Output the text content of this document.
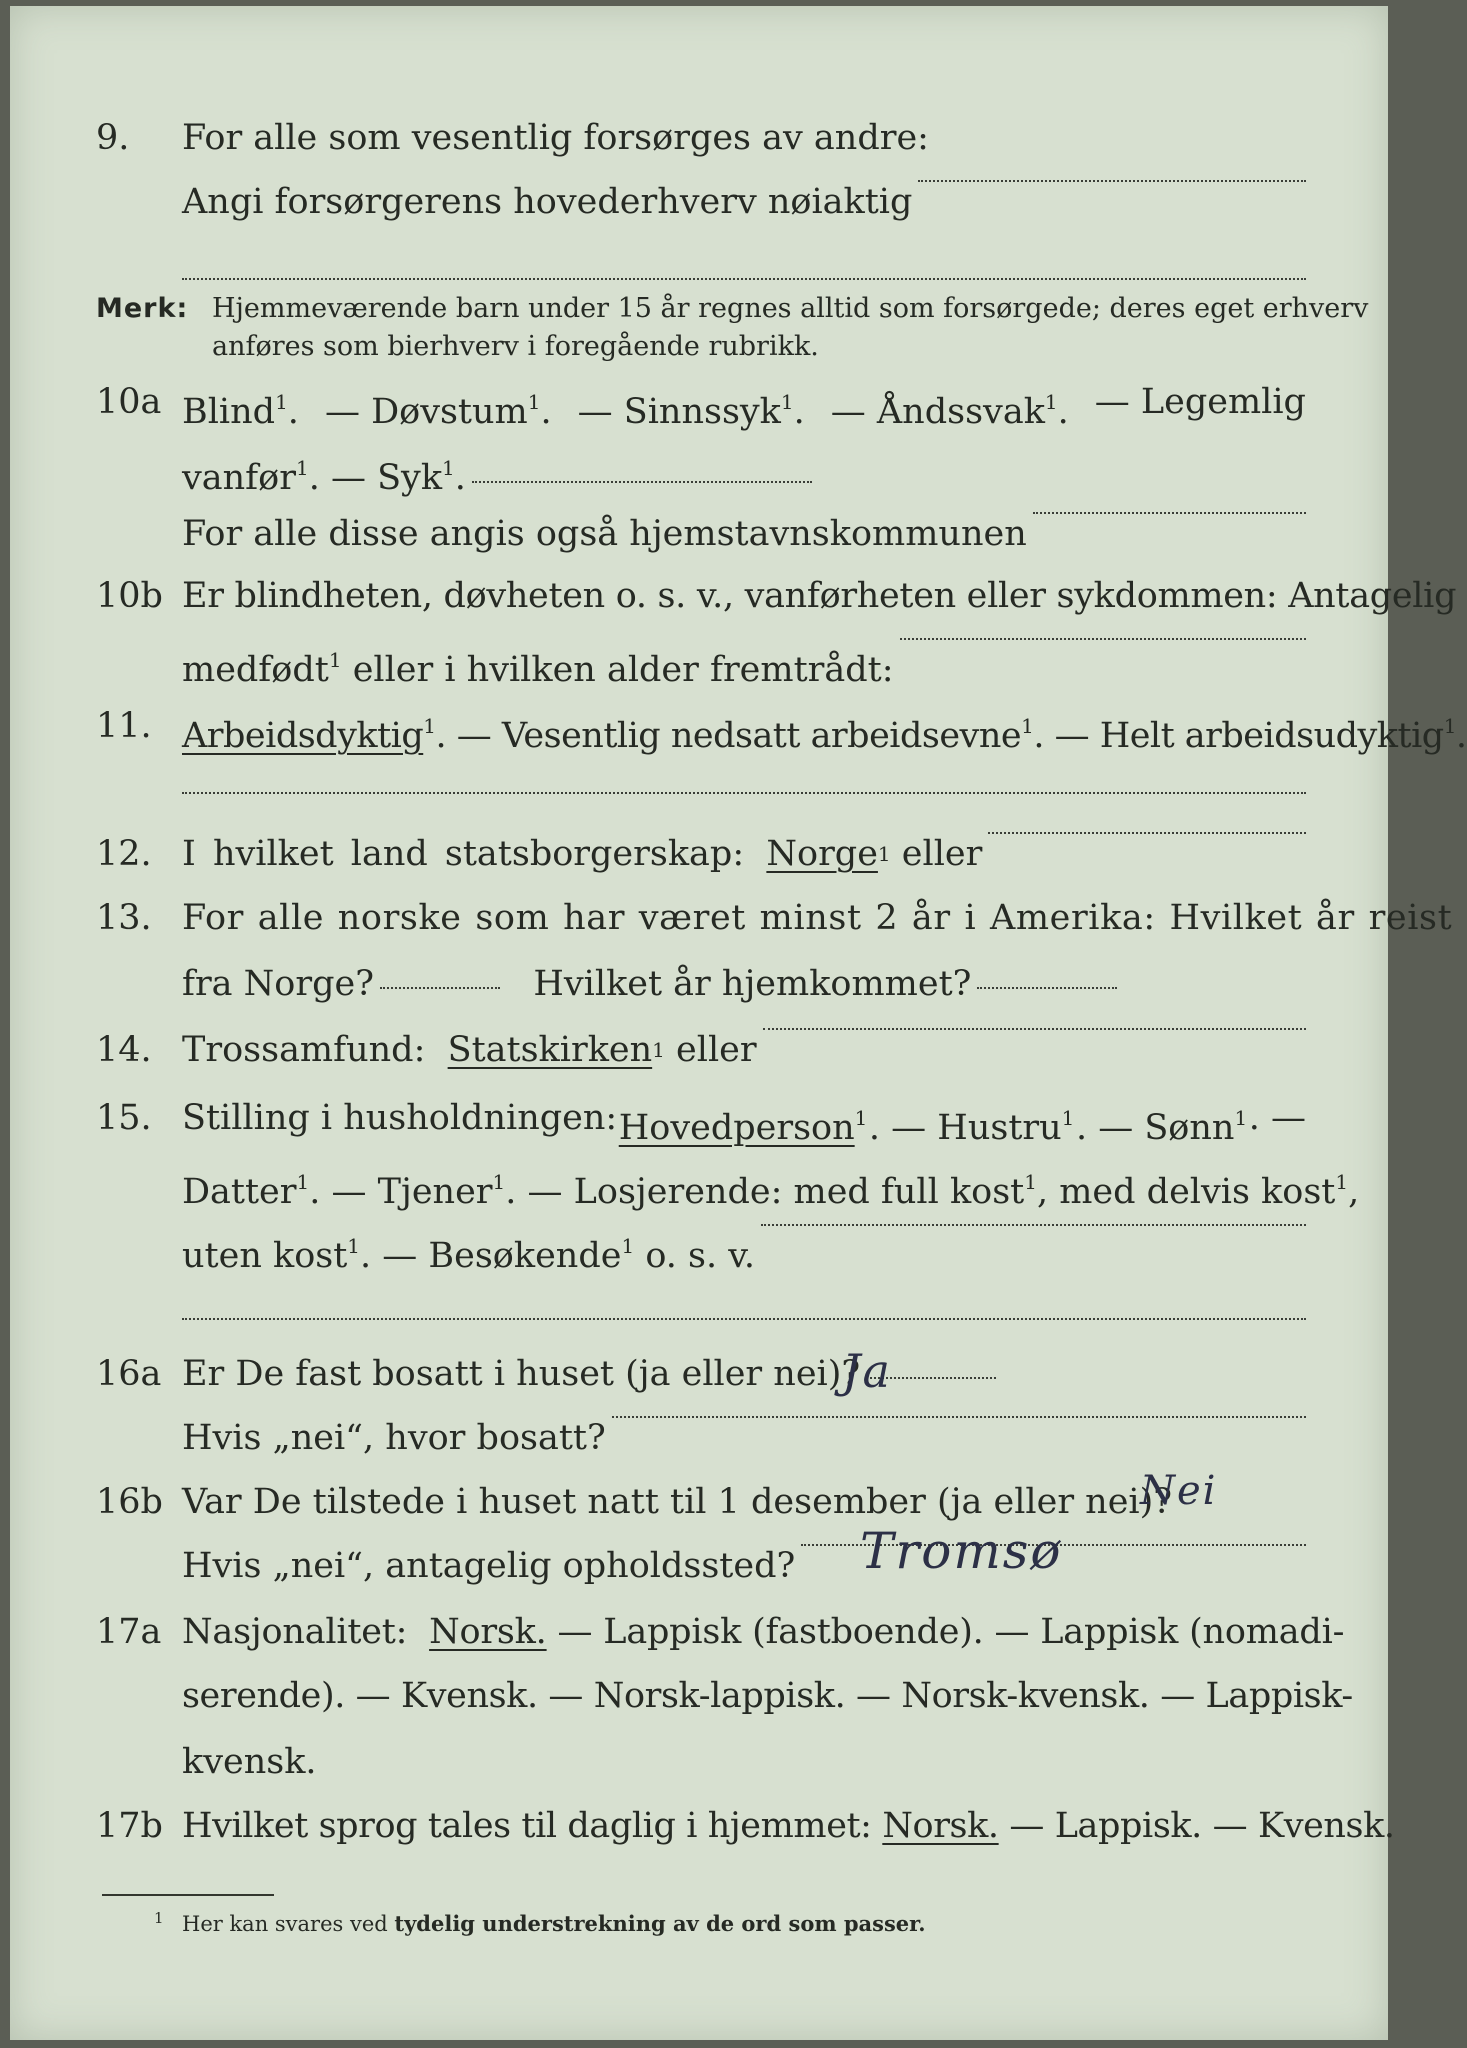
9. For alle som vesentlig forsørges av andre:
Angi forsørgerens hovederhverv nøiaktig
Merk: Hjemmeværende barn under 15 år regnes alltid som forsørgede; deres eget erhverv
anføres som bierhverv i foregående rubrikk.
10a Blind$^1$. — Døvstum$^1$. — Sinnssyk$^1$. — Åndssvak$^1$. — Legemlig
vanfør$^1$. — Syk$^1$.
For alle disse angis også hjemstavnskommunen
10b Er blindheten, døvheten o. s. v., vanførheten eller sykdommen: Antagelig
medfødt$^1$ eller i hvilken alder fremtrådt:
11. Arbeidsdyktig$^1$. — Vesentlig nedsatt arbeidsevne$^1$. — Helt arbeidsudyktig$^1$.
12. I hvilket land statsborgerskap:
Norge 1
eller
13. For alle norske som har været minst 2 år i Amerika: Hvilket år reist
fra Norge?	Hvilket år hjemkommet?
14. Trossamfund:
Statskirken 1
eller
15. Stilling i husholdningen: Hovedperson$^1$ . — Hustru$^1$ . — Sønn$^1$ . —
Datter$^1$ . — Tjener$^1$ . — Losjerende: med full kost$^1$ , med delvis kost$^1$,
uten kost$^1$. — Besøkende$^1$ o. s. v.
16a Er De fast bosatt i huset (ja eller nei)?
Ja
Hvis „nei“, hvor bosatt?
16b Var De tilstede i huset natt til 1 desember (ja eller nei)?
Nei
Hvis „nei“, antagelig opholdssted? Tromsø
17a Nasjonalitet: Norsk. — Lappisk (fastboende). — Lappisk (nomadi-
serende). — Kvensk. — Norsk-lappisk. — Norsk-kvensk. — Lappisk-
kvensk.
17b Hvilket sprog tales til daglig i hjemmet: Norsk. — Lappisk. — Kvensk.
1 Her kan svares ved tydelig understrekning av de ord som passer.
